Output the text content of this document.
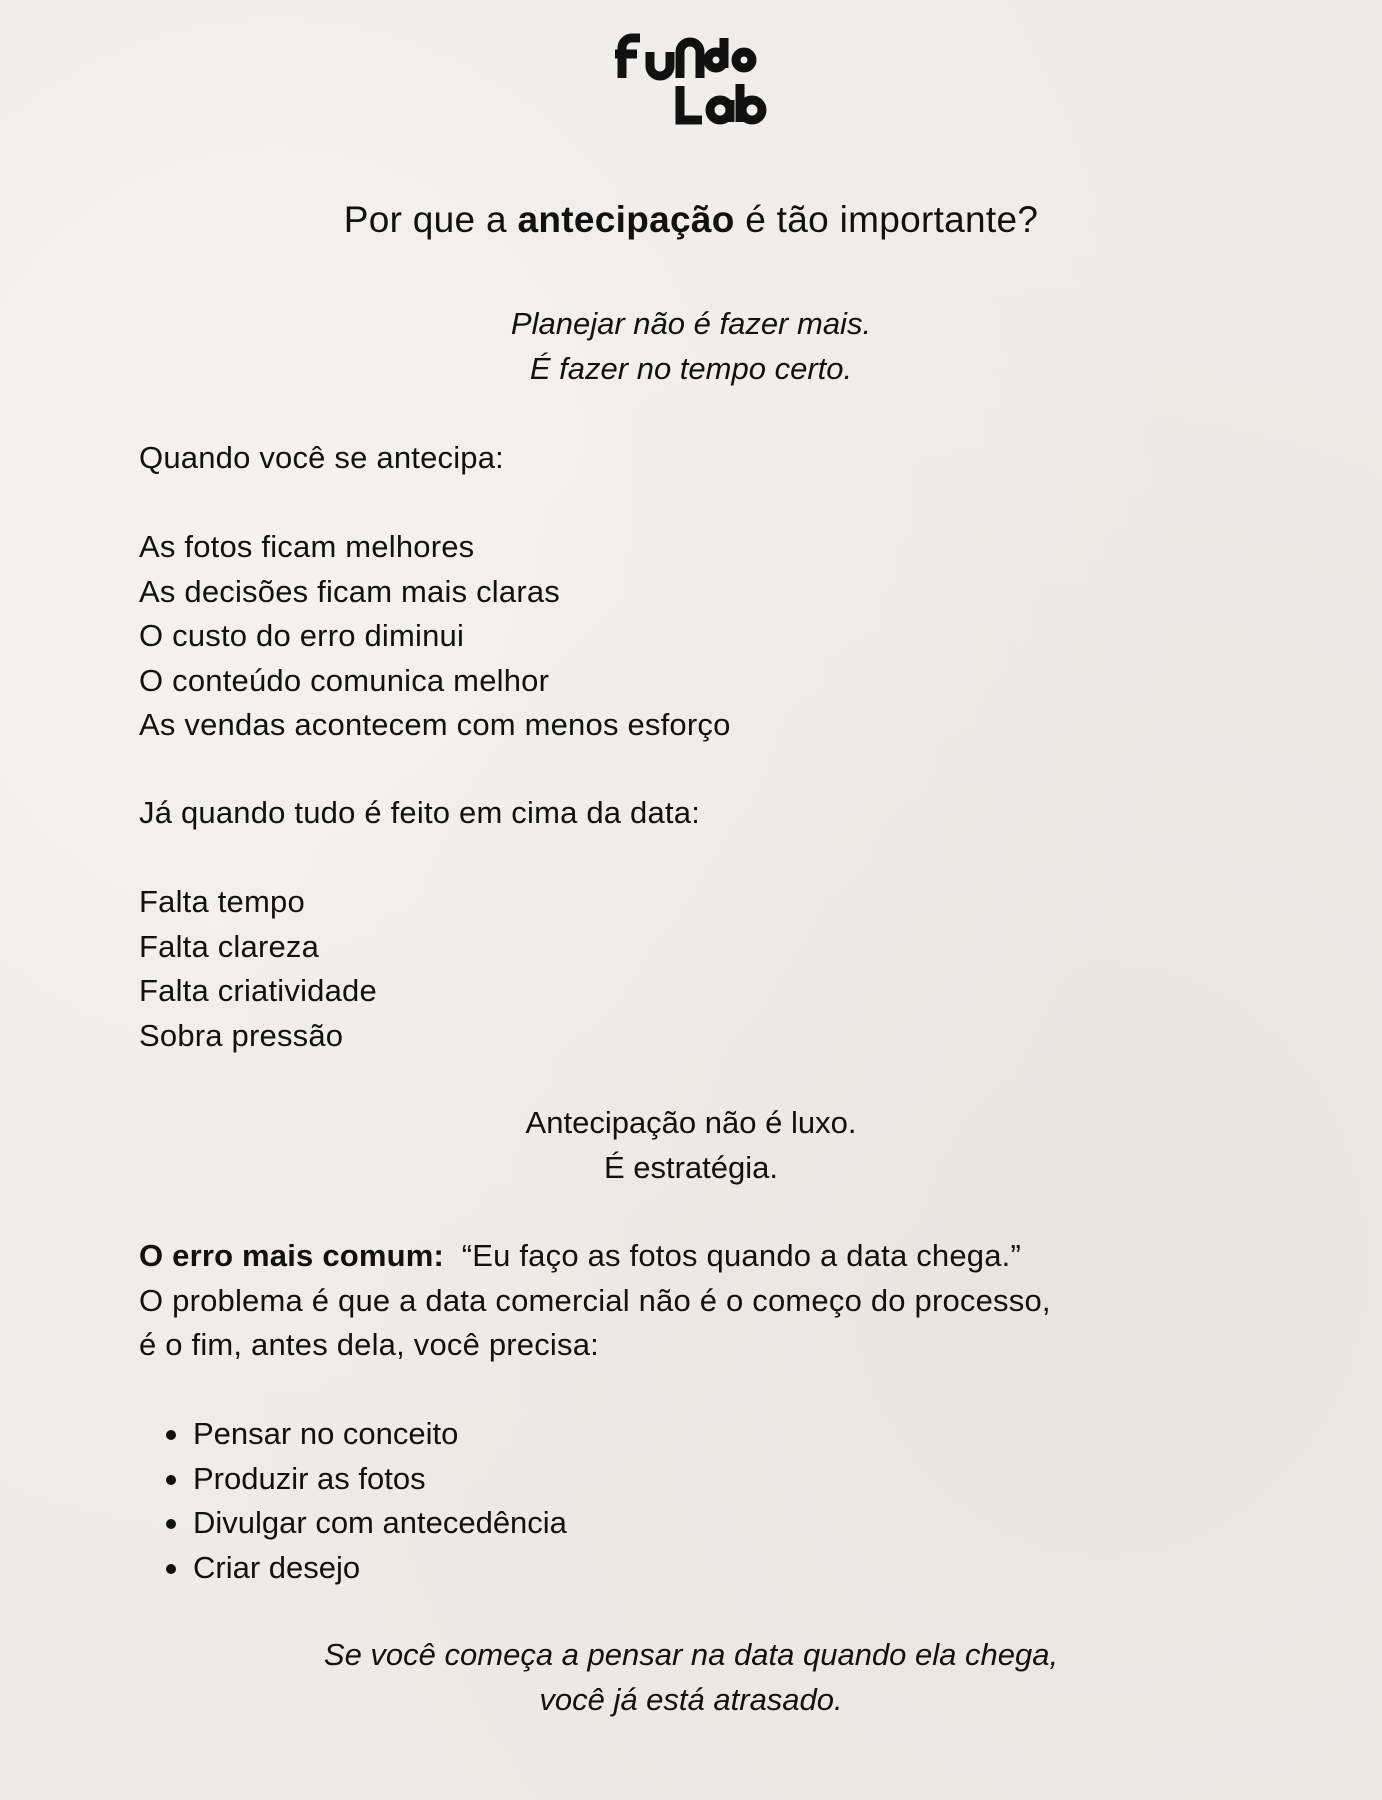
Por que a antecipação é tão importante?
Planejar não é fazer mais.
É fazer no tempo certo.
Quando você se antecipa:
As fotos ficam melhores
As decisões ficam mais claras
O custo do erro diminui
O conteúdo comunica melhor
As vendas acontecem com menos esforço
Já quando tudo é feito em cima da data:
Falta tempo
Falta clareza
Falta criatividade
Sobra pressão
Antecipação não é luxo.
É estratégia.
O erro mais comum: “Eu faço as fotos quando a data chega.”
O problema é que a data comercial não é o começo do processo,
é o fim, antes dela, você precisa:
Pensar no conceito
Produzir as fotos
Divulgar com antecedência
Criar desejo
Se você começa a pensar na data quando ela chega,
você já está atrasado.
